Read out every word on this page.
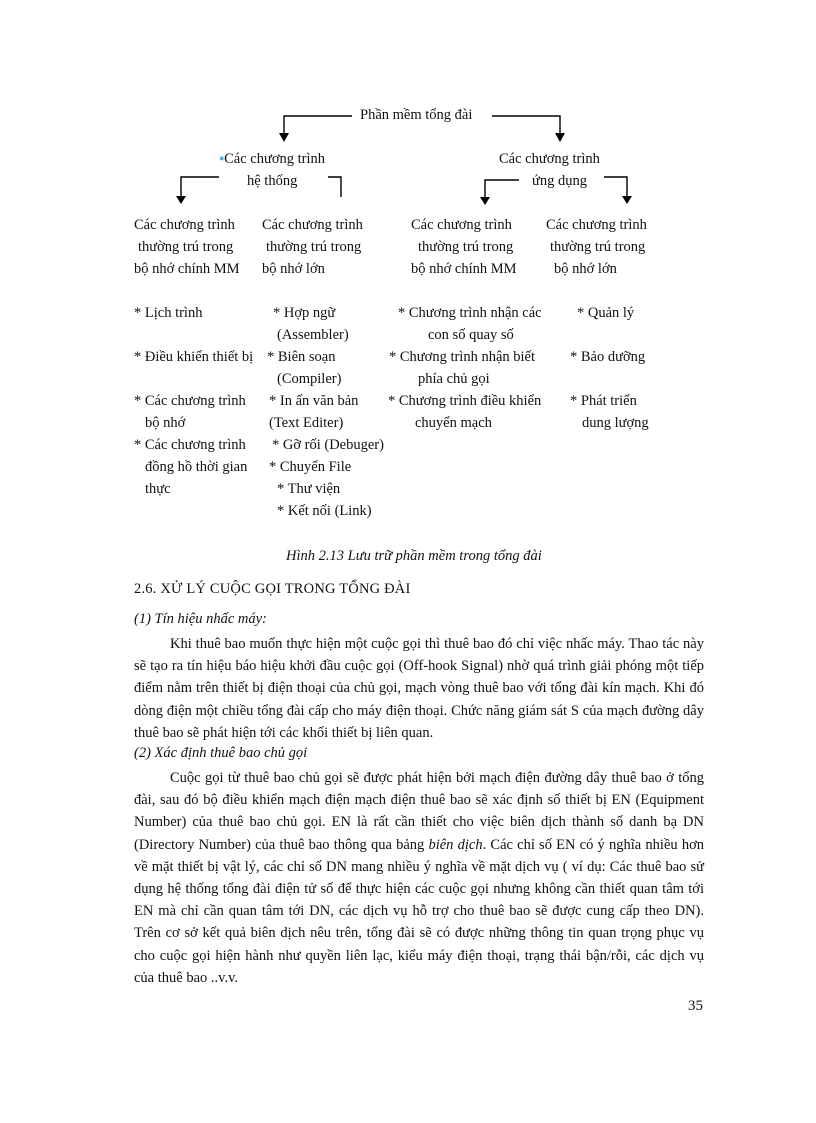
Phần mềm tổng đài
▪Các chương trình
hệ thống
Các chương trình
ứng dụng
Các chương trình
thường trú trong
bộ nhớ chính MM
* Lịch trình
* Điều khiển thiết bị
* Các chương trình
bộ nhớ
* Các chương trình
đồng hồ thời gian
thực
Các chương trình
thường trú trong
bộ nhớ lớn
* Hợp ngữ
(Assembler)
* Biên soạn
(Compiler)
* In ấn văn bản
(Text Editer)
* Gỡ rối (Debuger)
* Chuyển File
* Thư viện
* Kết nối (Link)
Các chương trình
thường trú trong
bộ nhớ chính MM
* Chương trình nhận các
con số quay số
* Chương trình nhận biết
phía chủ gọi
* Chương trình điều khiển
chuyển mạch
Các chương trình
thường trú trong
bộ nhớ lớn
* Quản lý
* Bảo dưỡng
* Phát triển
dung lượng
Hình 2.13 Lưu trữ phần mềm trong tổng đài
2.6. XỬ LÝ CUỘC GỌI TRONG TỔNG ĐÀI
(1) Tín hiệu nhấc máy:

Khi thuê bao muốn thực hiện một cuộc gọi thì thuê bao đó chỉ việc nhấc máy. Thao tác này sẽ tạo ra tín hiệu báo hiệu khởi đầu cuộc gọi (Off-hook Signal) nhờ quá trình giải phóng một tiếp điểm nằm trên thiết bị điện thoại của chủ gọi, mạch vòng thuê bao với tổng đài kín mạch. Khi đó dòng điện một chiều tổng đài cấp cho máy điện thoại. Chức năng giám sát S của mạch đường dây thuê bao sẽ phát hiện tới các khối thiết bị liên quan.

(2) Xác định thuê bao chủ gọi

Cuộc gọi từ thuê bao chủ gọi sẽ được phát hiện bởi mạch điện đường dây thuê bao ở tổng đài, sau đó bộ điều khiển mạch điện mạch điện thuê bao sẽ xác định số thiết bị EN (Equipment Number) của thuê bao chủ gọi. EN là rất cần thiết cho việc biên dịch thành số danh bạ DN (Directory Number) của thuê bao thông qua bảng biên dịch. Các chỉ số EN có ý nghĩa nhiều hơn về mặt thiết bị vật lý, các chỉ số DN mang nhiều ý nghĩa về mặt dịch vụ ( ví dụ: Các thuê bao sử dụng hệ thống tổng đài điện tử số để thực hiện các cuộc gọi nhưng không cần thiết quan tâm tới EN mà chỉ cần quan tâm tới DN, các dịch vụ hỗ trợ cho thuê bao sẽ được cung cấp theo DN). Trên cơ sở kết quả biên dịch nêu trên, tổng đài sẽ có được những thông tin quan trọng phục vụ cho cuộc gọi hiện hành như quyền liên lạc, kiểu máy điện thoại, trạng thái bận/rỗi, các dịch vụ của thuê bao ..v.v.

35
